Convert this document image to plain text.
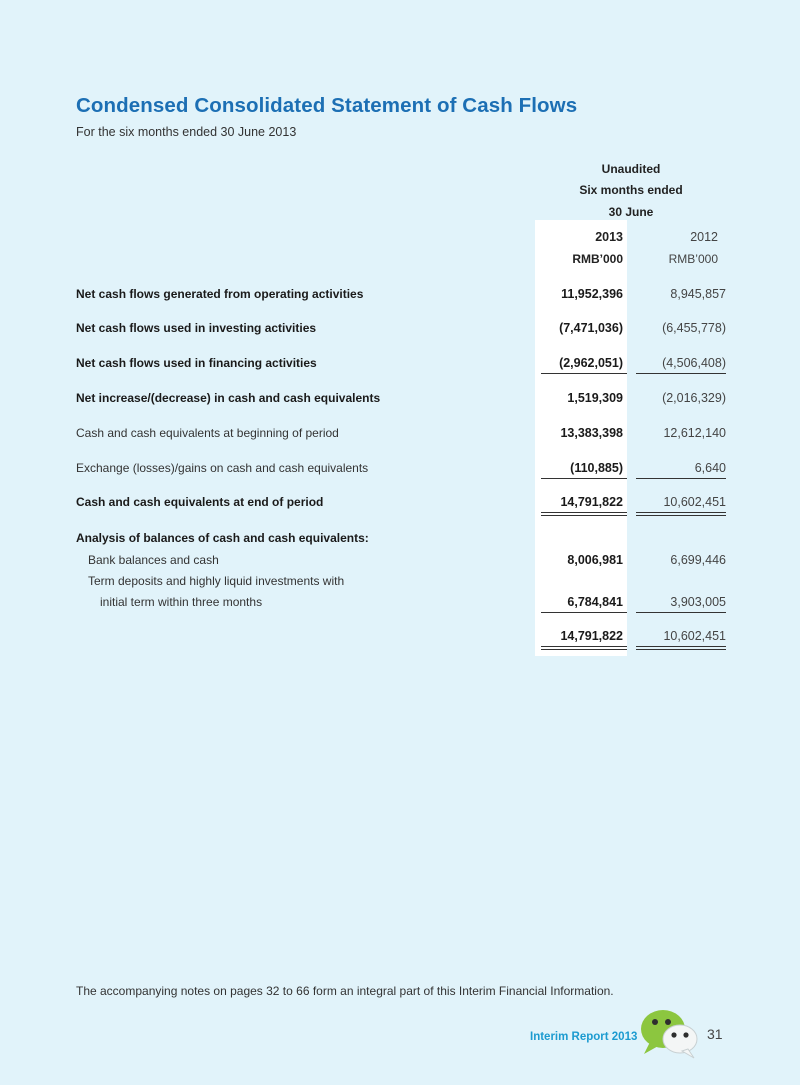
Condensed Consolidated Statement of Cash Flows
For the six months ended 30 June 2013
Unaudited
Six months ended
30 June
2013	2012
RMB’000	RMB’000
Net cash flows generated from operating activities	11,952,396	8,945,857
Net cash flows used in investing activities	(7,471,036)	(6,455,778)
Net cash flows used in financing activities	(2,962,051)	(4,506,408)
Net increase/(decrease) in cash and cash equivalents	1,519,309	(2,016,329)
Cash and cash equivalents at beginning of period	13,383,398	12,612,140
Exchange (losses)/gains on cash and cash equivalents	(110,885)	6,640
Cash and cash equivalents at end of period	14,791,822	10,602,451
Analysis of balances of cash and cash equivalents:
Bank balances and cash	8,006,981	6,699,446
Term deposits and highly liquid investments with
initial term within three months	6,784,841	3,903,005
14,791,822	10,602,451
The accompanying notes on pages 32 to 66 form an integral part of this Interim Financial Information.
Interim Report 2013	31
